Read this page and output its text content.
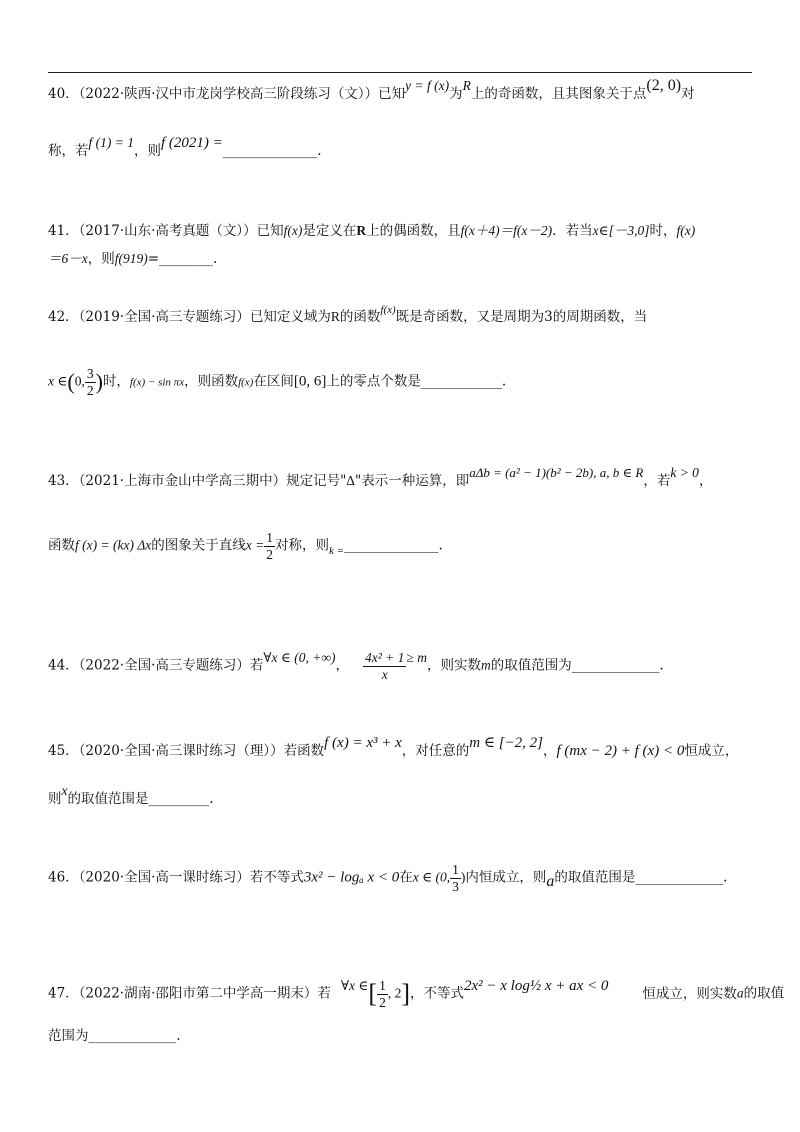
40．（2022·陕西·汉中市龙岗学校高三阶段练习（文））已知y = f (x)为R上的奇函数，且其图象关于点(2, 0)对
称，若f (1) = 1，则f (2021) =______________.
41．（2017·山东·高考真题（文））已知f(x)是定义在R上的偶函数，且f(x＋4)＝f(x－2)．若当x∈[－3,0]时，f(x)
＝6－x，则f(919)=________.
42．（2019·全国·高三专题练习）已知定义域为R的函数$^{f(x)}$既是奇函数，又是周期为3的周期函数，当
x ∈(0, $\frac{3}{2}$ )时，f(x) − sin πx，则函数f(x)在区间[0, 6]上的零点个数是____________.
43．（2021·上海市金山中学高三期中）规定记号"Δ"表示一种运算，即aΔb = (a² − 1)(b² − 2b), a, b ∈ R，若k > 0，
函数f (x) = (kx) Δx的图象关于直线$x = \frac{1}{2}$ 对称，则$_{k =}$______________.
44．（2022·全国·高三专题练习）若∀x ∈ (0, +∞)， $\frac{\text{4x² + 1}}{x} \ge m$，则实数m的取值范围为_____________.
45．（2020·全国·高三课时练习（理））若函数f (x) = x³ + x，对任意的m ∈ [−2, 2]，f (mx − 2) + f (x) < 0恒成立，
则x的取值范围是_________.
46．（2020·全国·高一课时练习）若不等式3x² − logₐ x < 0在x ∈ (0, $\frac{1}{3}$ )内恒成立，则a的取值范围是_____________.
47．（2022·湖南·邵阳市第二中学高一期末）若∀x ∈[ $\frac{1}{2}$ , 2]，不等式2x² − x log½ x + ax < 0	恒成立，则实数a的取值
范围为_____________.
